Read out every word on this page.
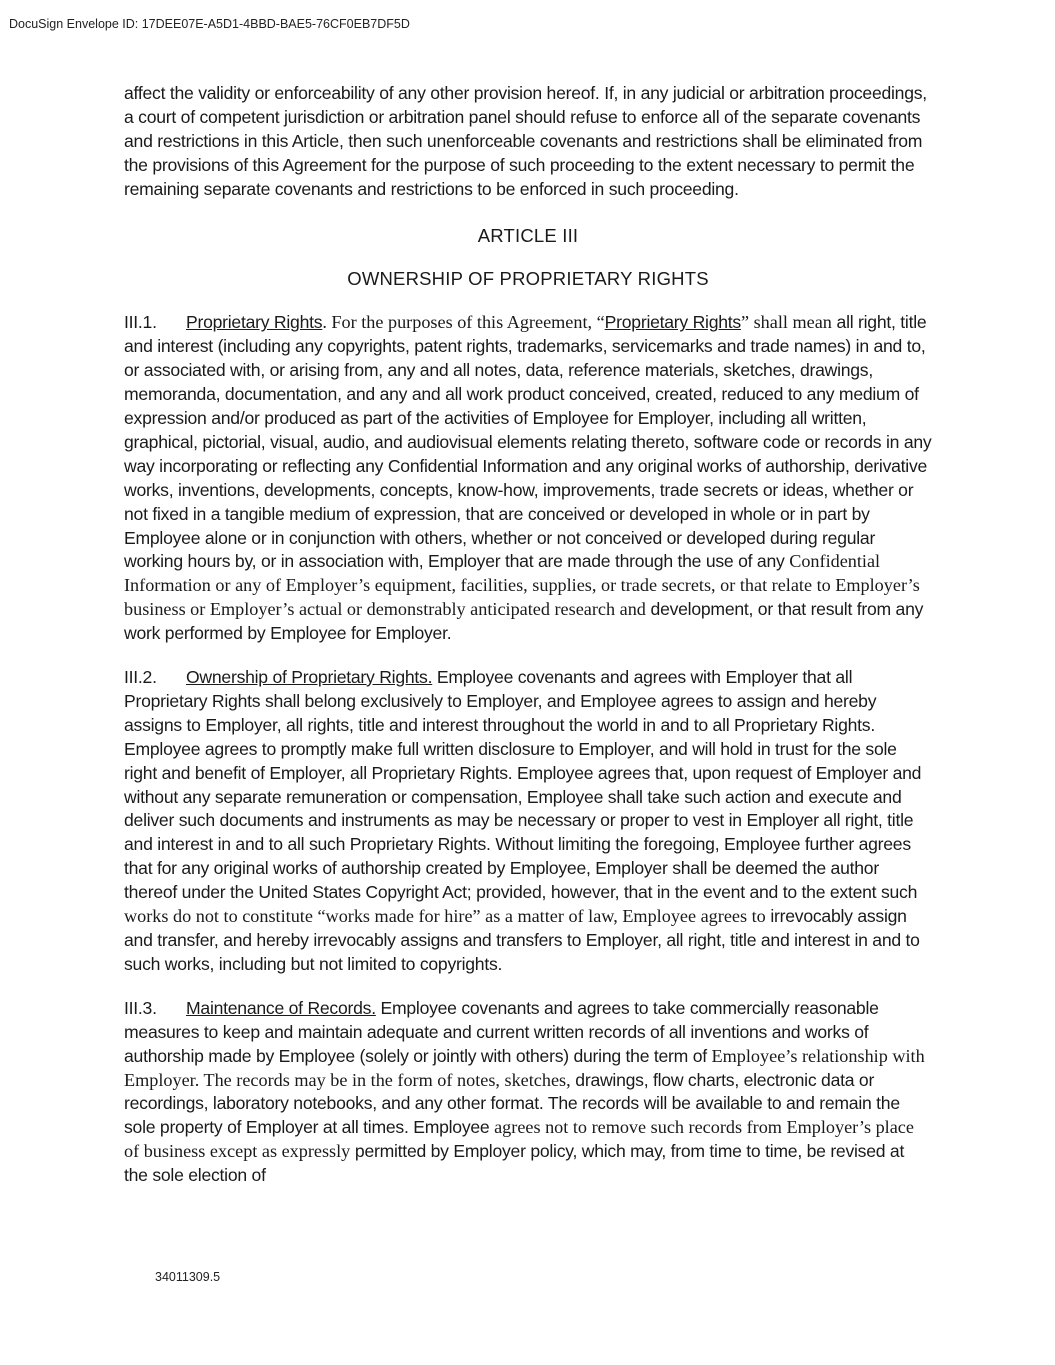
DocuSign Envelope ID: 17DEE07E-A5D1-4BBD-BAE5-76CF0EB7DF5D

affect the validity or enforceability of any other provision hereof. If, in any judicial or arbitration proceedings, a court of competent jurisdiction or arbitration panel should refuse to enforce all of the separate covenants and restrictions in this Article, then such unenforceable covenants and restrictions shall be eliminated from the provisions of this Agreement for the purpose of such proceeding to the extent necessary to permit the remaining separate covenants and restrictions to be enforced in such proceeding.

ARTICLE III

OWNERSHIP OF PROPRIETARY RIGHTS

III.1. Proprietary Rights. For the purposes of this Agreement, “Proprietary Rights” shall mean all right, title and interest (including any copyrights, patent rights, trademarks, servicemarks and trade names) in and to, or associated with, or arising from, any and all notes, data, reference materials, sketches, drawings, memoranda, documentation, and any and all work product conceived, created, reduced to any medium of expression and/or produced as part of the activities of Employee for Employer, including all written, graphical, pictorial, visual, audio, and audiovisual elements relating thereto, software code or records in any way incorporating or reflecting any Confidential Information and any original works of authorship, derivative works, inventions, developments, concepts, know-how, improvements, trade secrets or ideas, whether or not fixed in a tangible medium of expression, that are conceived or developed in whole or in part by Employee alone or in conjunction with others, whether or not conceived or developed during regular working hours by, or in association with, Employer that are made through the use of any Confidential Information or any of Employer’s equipment, facilities, supplies, or trade secrets, or that relate to Employer’s business or Employer’s actual or demonstrably anticipated research and development, or that result from any work performed by Employee for Employer.

III.2. Ownership of Proprietary Rights. Employee covenants and agrees with Employer that all Proprietary Rights shall belong exclusively to Employer, and Employee agrees to assign and hereby assigns to Employer, all rights, title and interest throughout the world in and to all Proprietary Rights. Employee agrees to promptly make full written disclosure to Employer, and will hold in trust for the sole right and benefit of Employer, all Proprietary Rights. Employee agrees that, upon request of Employer and without any separate remuneration or compensation, Employee shall take such action and execute and deliver such documents and instruments as may be necessary or proper to vest in Employer all right, title and interest in and to all such Proprietary Rights. Without limiting the foregoing, Employee further agrees that for any original works of authorship created by Employee, Employer shall be deemed the author thereof under the United States Copyright Act; provided, however, that in the event and to the extent such works do not to constitute “works made for hire” as a matter of law, Employee agrees to irrevocably assign and transfer, and hereby irrevocably assigns and transfers to Employer, all right, title and interest in and to such works, including but not limited to copyrights.

III.3. Maintenance of Records. Employee covenants and agrees to take commercially reasonable measures to keep and maintain adequate and current written records of all inventions and works of authorship made by Employee (solely or jointly with others) during the term of Employee’s relationship with Employer. The records may be in the form of notes, sketches, drawings, flow charts, electronic data or recordings, laboratory notebooks, and any other format. The records will be available to and remain the sole property of Employer at all times. Employee agrees not to remove such records from Employer’s place of business except as expressly permitted by Employer policy, which may, from time to time, be revised at the sole election of

34011309.5
